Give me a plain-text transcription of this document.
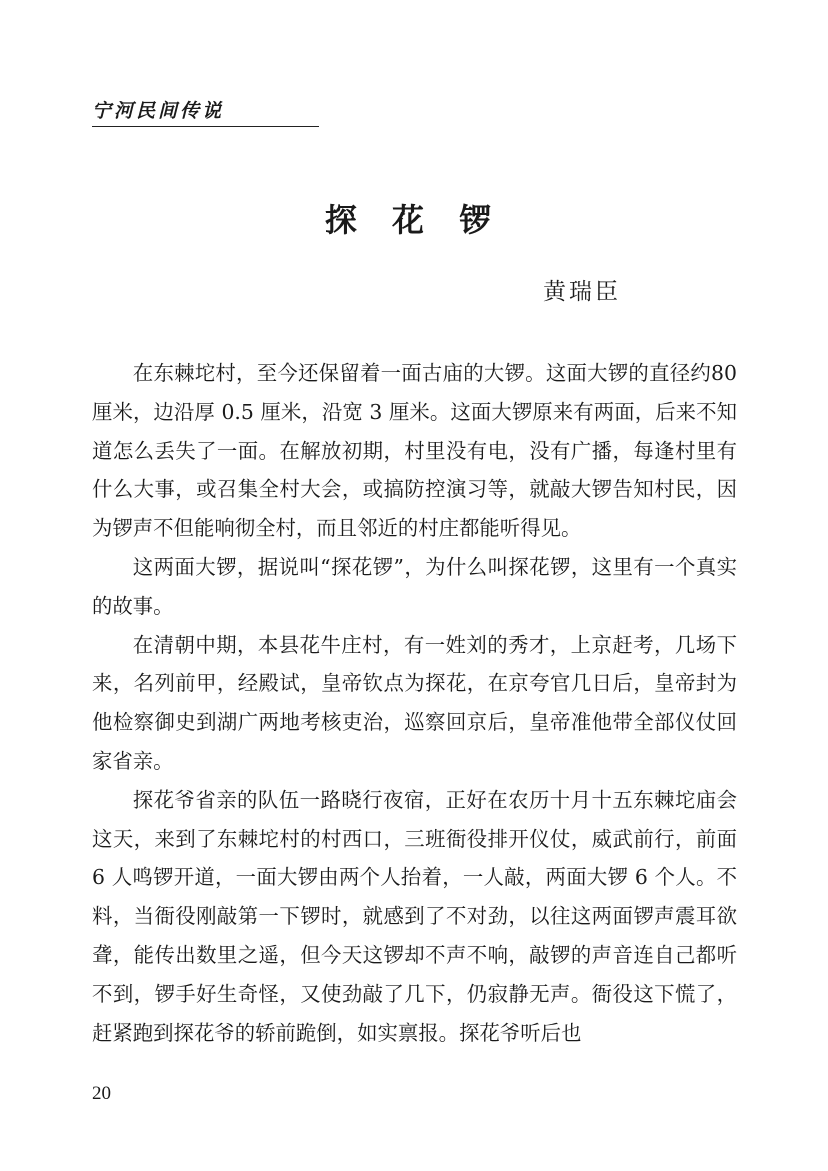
宁河民间传说
探 花 锣
黄瑞臣

在东棘坨村，至今还保留着一面古庙的大锣。这面大锣的直径约80 厘米，边沿厚 0.5 厘米，沿宽 3 厘米。这面大锣原来有两面，后来不知道怎么丢失了一面。在解放初期，村里没有电，没有广播，每逢村里有什么大事，或召集全村大会，或搞防控演习等，就敲大锣告知村民，因为锣声不但能响彻全村，而且邻近的村庄都能听得见。

这两面大锣，据说叫“探花锣”，为什么叫探花锣，这里有一个真实的故事。

在清朝中期，本县花牛庄村，有一姓刘的秀才，上京赶考，几场下来，名列前甲，经殿试，皇帝钦点为探花，在京夸官几日后，皇帝封为他检察御史到湖广两地考核吏治，巡察回京后，皇帝准他带全部仪仗回家省亲。

探花爷省亲的队伍一路晓行夜宿，正好在农历十月十五东棘坨庙会这天，来到了东棘坨村的村西口，三班衙役排开仪仗，威武前行，前面 6 人鸣锣开道，一面大锣由两个人抬着，一人敲，两面大锣 6 个人。不料，当衙役刚敲第一下锣时，就感到了不对劲，以往这两面锣声震耳欲聋，能传出数里之遥，但今天这锣却不声不响，敲锣的声音连自己都听不到，锣手好生奇怪，又使劲敲了几下，仍寂静无声。衙役这下慌了，赶紧跑到探花爷的轿前跪倒，如实禀报。探花爷听后也

20
